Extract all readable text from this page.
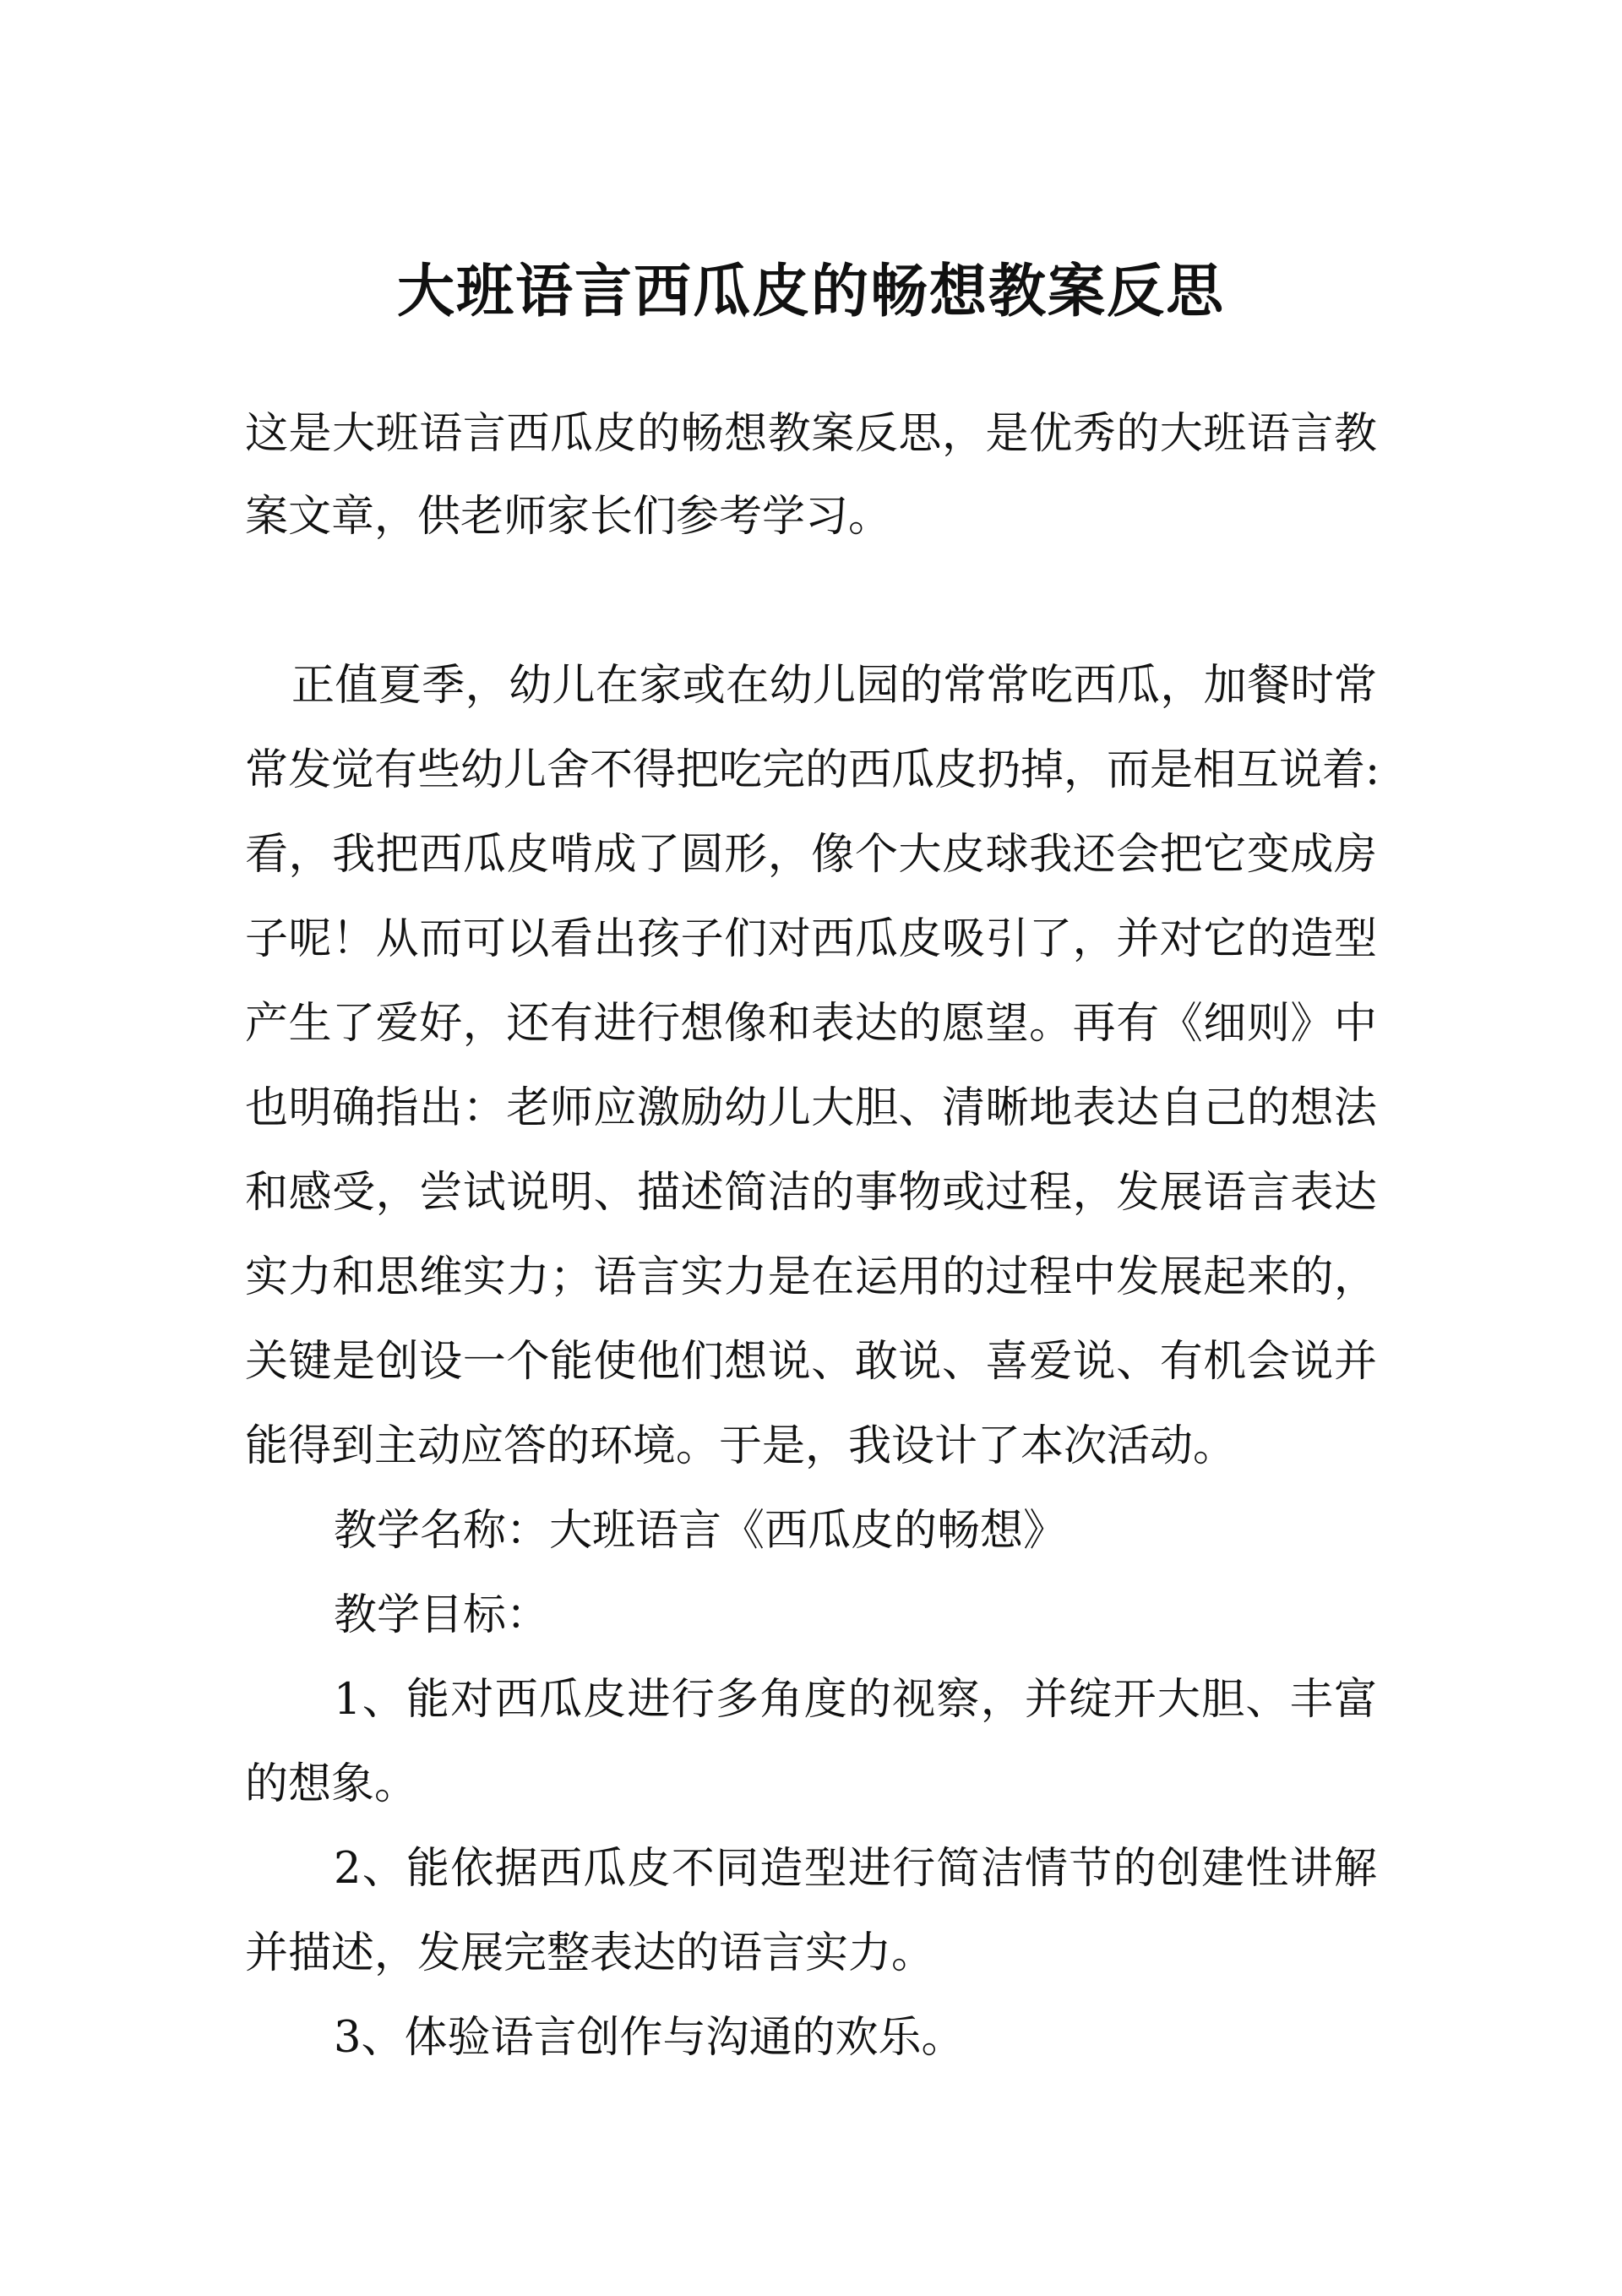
大班语言西瓜皮的畅想教案反思
这是大班语言西瓜皮的畅想教案反思，是优秀的大班语言教
案文章，供老师家长们参考学习。
正值夏季，幼儿在家或在幼儿园的常常吃西瓜，加餐时常
常发觉有些幼儿舍不得把吃完的西瓜皮扔掉，而是相互说着:
看，我把西瓜皮啃成了圆形，像个大皮球我还会把它变成房
子呢！从而可以看出孩子们对西瓜皮吸引了，并对它的造型
产生了爱好，还有进行想像和表达的愿望。再有《细则》中
也明确指出：老师应激励幼儿大胆、清晰地表达自己的想法
和感受，尝试说明、描述简洁的事物或过程，发展语言表达
实力和思维实力；语言实力是在运用的过程中发展起来的，
关键是创设一个能使他们想说、敢说、喜爱说、有机会说并
能得到主动应答的环境。于是，我设计了本次活动。
教学名称：大班语言《西瓜皮的畅想》
教学目标：
1、能对西瓜皮进行多角度的视察，并绽开大胆、丰富
的想象。
2、能依据西瓜皮不同造型进行简洁情节的创建性讲解
并描述，发展完整表达的语言实力。
3、体验语言创作与沟通的欢乐。
